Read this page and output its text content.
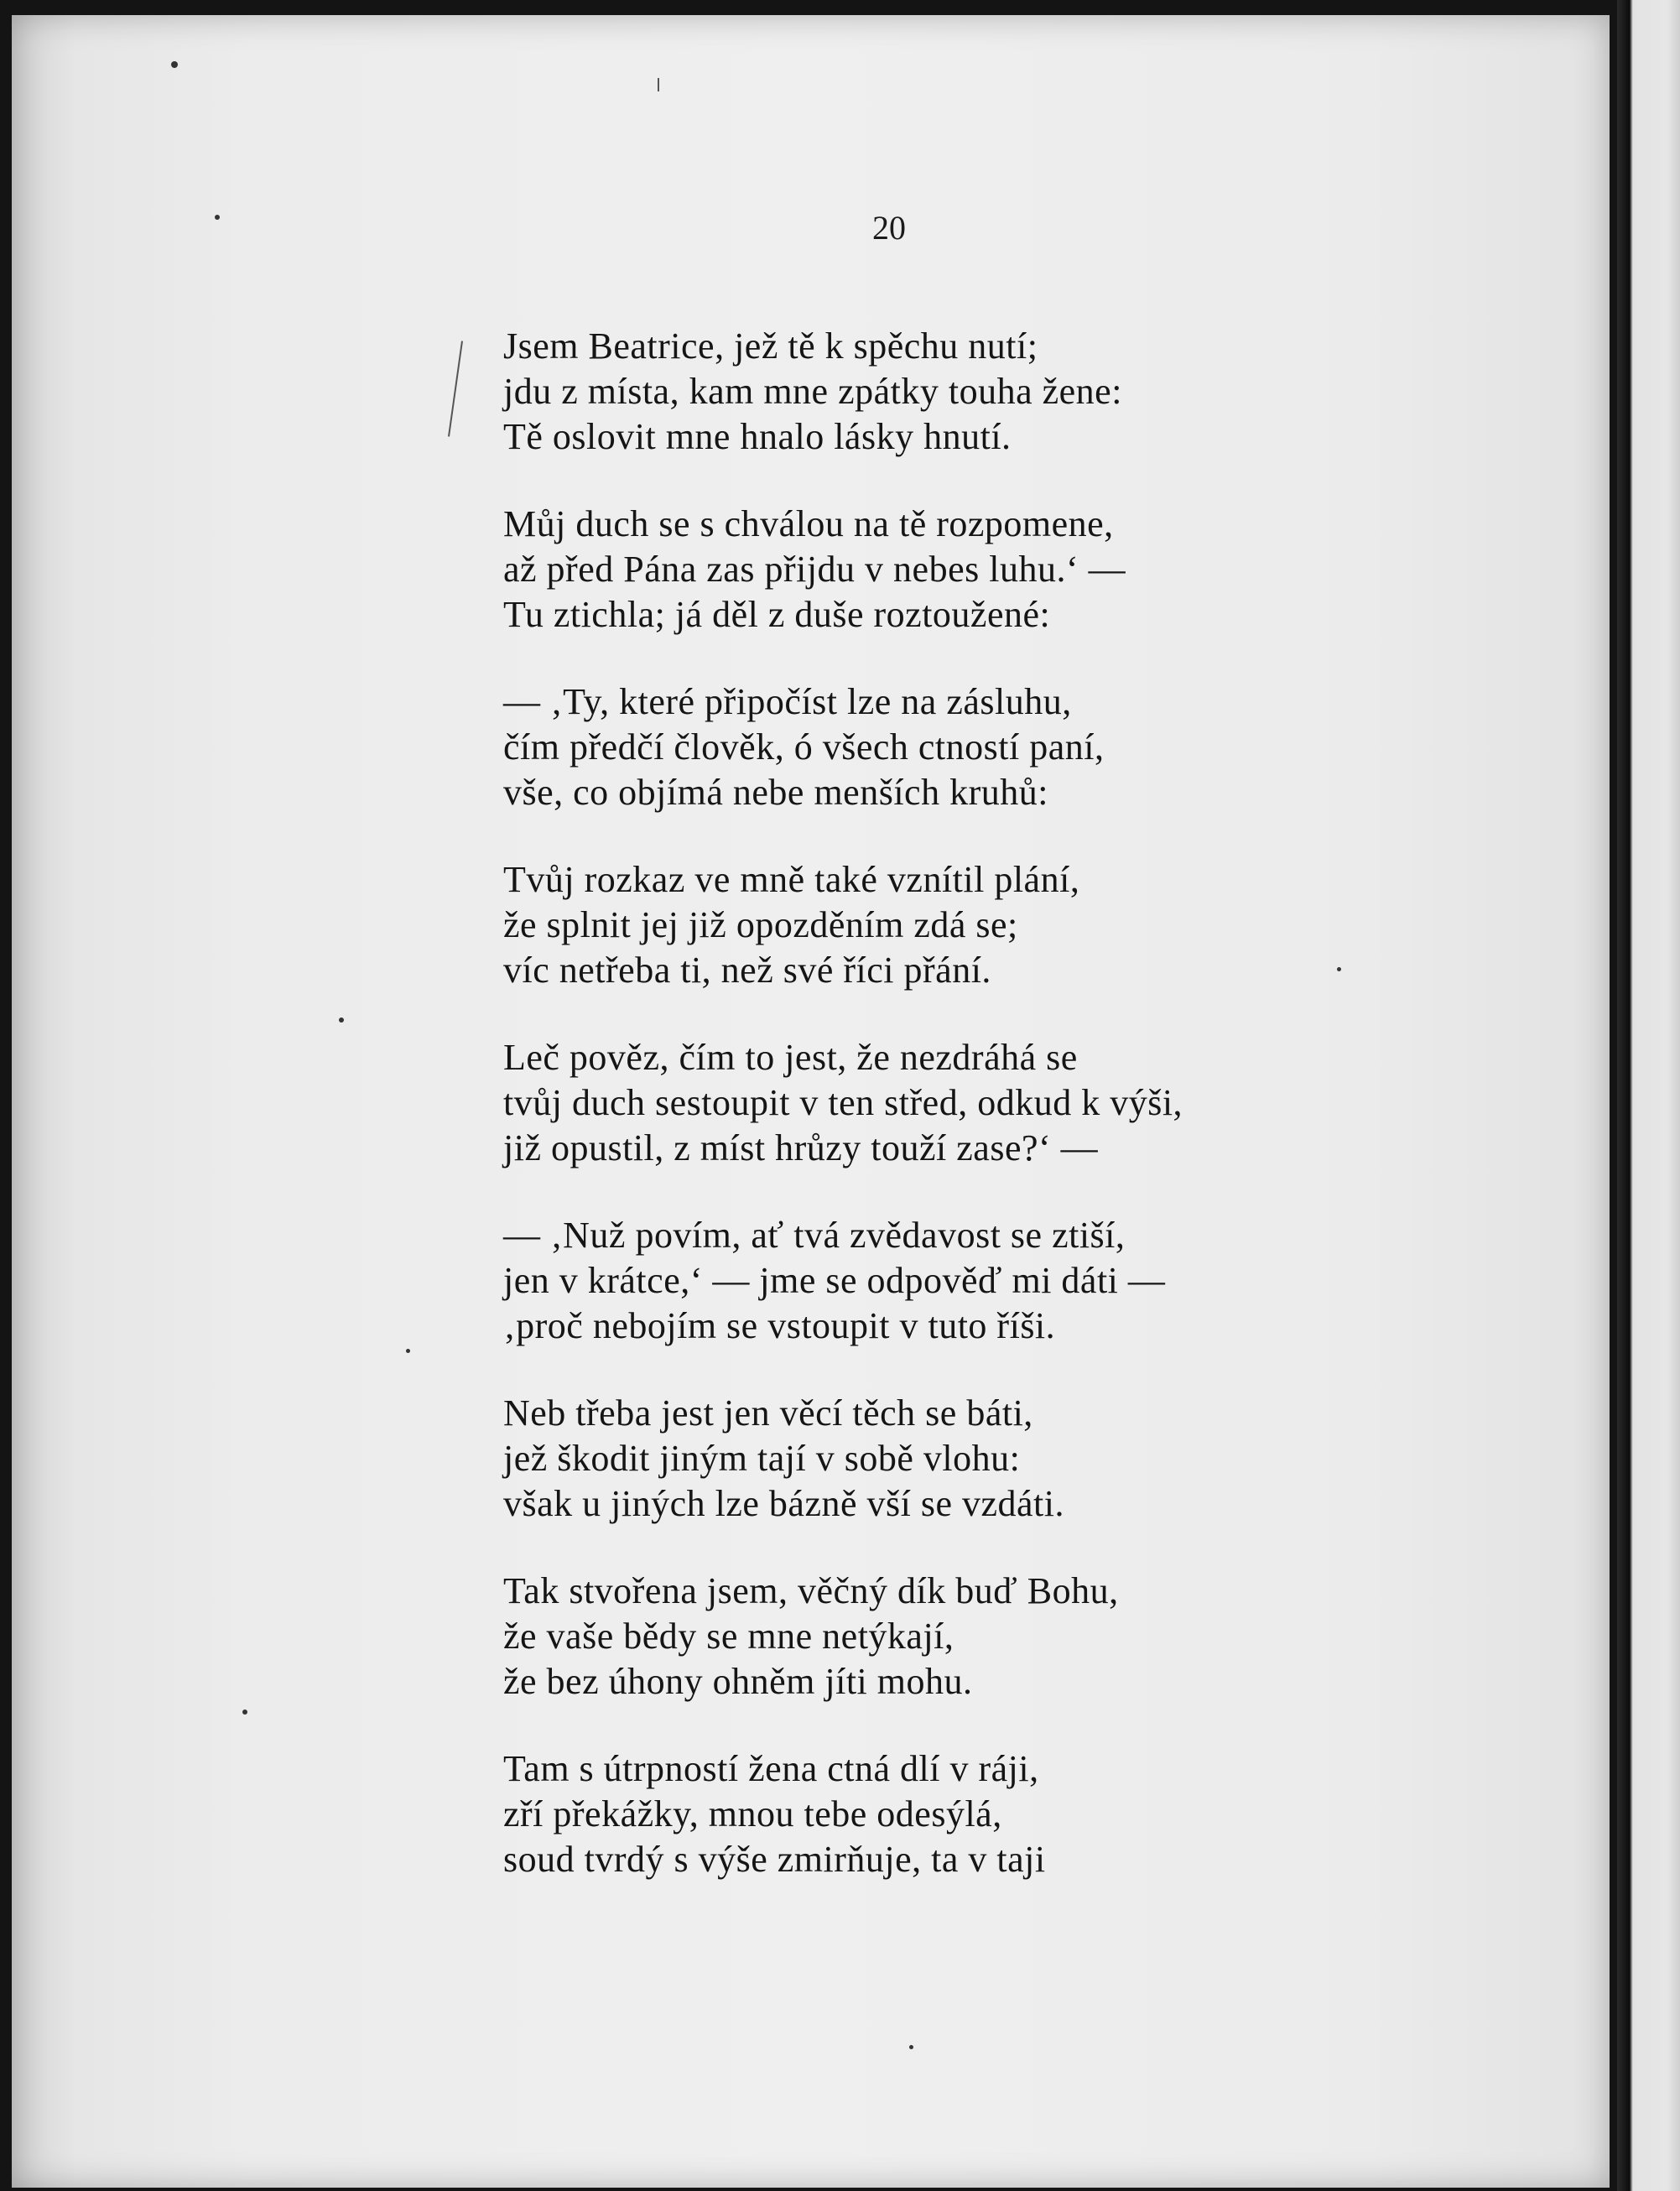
20
Jsem Beatrice, jež tě k spěchu nutí;
jdu z místa, kam mne zpátky touha žene:
Tě oslovit mne hnalo lásky hnutí.
Můj duch se s chválou na tě rozpomene,
až před Pána zas přijdu v nebes luhu.‘ —
Tu ztichla; já děl z duše roztoužené:
— ‚Ty, které připočíst lze na zásluhu,
čím předčí člověk, ó všech ctností paní,
vše, co objímá nebe menších kruhů:
Tvůj rozkaz ve mně také vznítil plání,
že splnit jej již opozděním zdá se;
víc netřeba ti, než své říci přání.
Leč pověz, čím to jest, že nezdráhá se
tvůj duch sestoupit v ten střed, odkud k výši,
již opustil, z míst hrůzy touží zase?‘ —
— ‚Nuž povím, ať tvá zvědavost se ztiší,
jen v krátce,‘ — jme se odpověď mi dáti —
‚proč nebojím se vstoupit v tuto říši.
Neb třeba jest jen věcí těch se báti,
jež škodit jiným tají v sobě vlohu:
však u jiných lze bázně vší se vzdáti.
Tak stvořena jsem, věčný dík buď Bohu,
že vaše bědy se mne netýkají,
že bez úhony ohněm jíti mohu.
Tam s útrpností žena ctná dlí v ráji,
zří překážky, mnou tebe odesýlá,
soud tvrdý s výše zmirňuje, ta v taji
